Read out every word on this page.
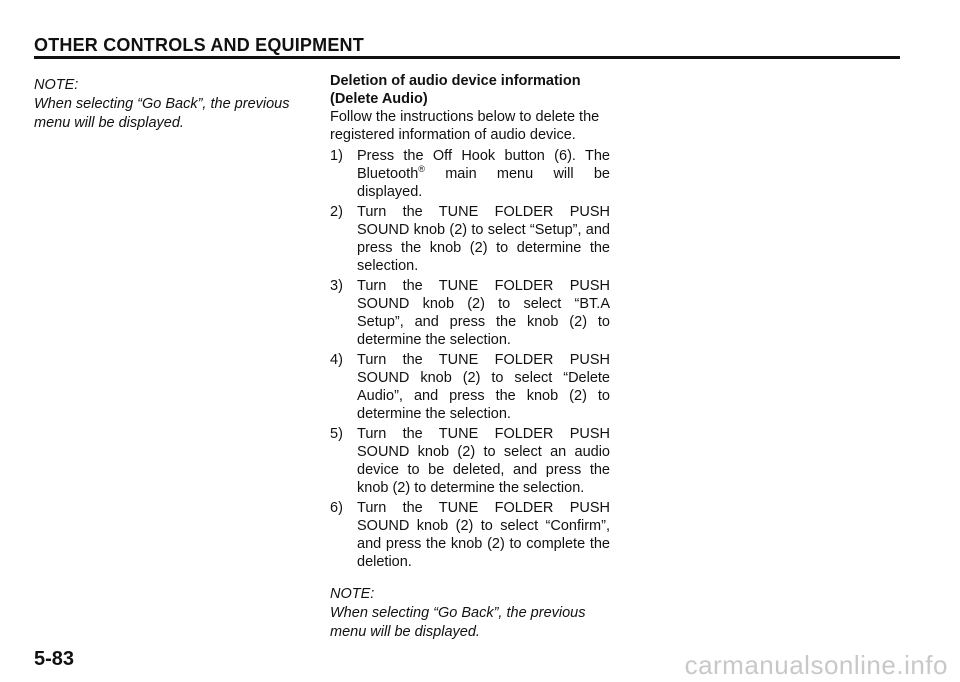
OTHER CONTROLS AND EQUIPMENT
NOTE:
When selecting “Go Back”, the previous menu will be displayed.
Deletion of audio device information
(Delete Audio)
Follow the instructions below to delete the registered information of audio device.
1) Press the Off Hook button (6). The Bluetooth® main menu will be displayed.
2) Turn the TUNE FOLDER PUSH SOUND knob (2) to select “Setup”, and press the knob (2) to determine the selection.
3) Turn the TUNE FOLDER PUSH SOUND knob (2) to select “BT.A Setup”, and press the knob (2) to determine the selection.
4) Turn the TUNE FOLDER PUSH SOUND knob (2) to select “Delete Audio”, and press the knob (2) to determine the selection.
5) Turn the TUNE FOLDER PUSH SOUND knob (2) to select an audio device to be deleted, and press the knob (2) to determine the selection.
6) Turn the TUNE FOLDER PUSH SOUND knob (2) to select “Confirm”, and press the knob (2) to complete the deletion.
NOTE:
When selecting “Go Back”, the previous menu will be displayed.
5-83	carmanualsonline.info
